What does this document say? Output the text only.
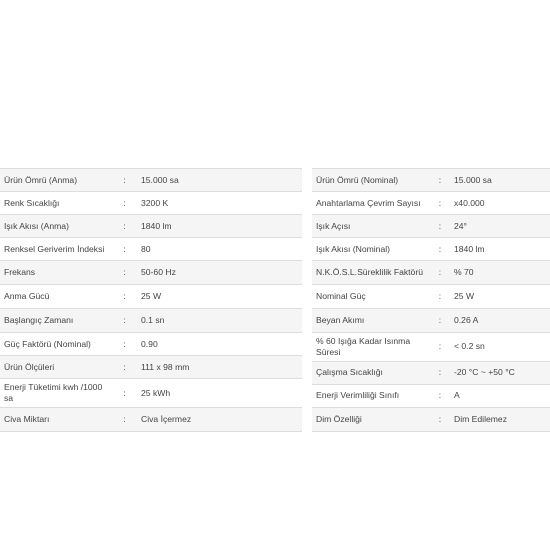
Ürün Ömrü (Anma)	:	15.000 sa
Renk Sıcaklığı	:	3200 K
Işık Akısı (Anma)	:	1840 lm
Renksel Geriverim İndeksi	:	80
Frekans	:	50-60 Hz
Anma Gücü	:	25 W
Başlangıç Zamanı	:	0.1 sn
Güç Faktörü (Nominal)	:	0.90
Ürün Ölçüleri	:	111 x 98 mm
Enerji Tüketimi kwh /1000 sa	:	25 kWh
Civa Miktarı	:	Civa İçermez
Ürün Ömrü (Nominal)	:	15.000 sa
Anahtarlama Çevrim Sayısı	:	x40.000
Işık Açısı	:	24°
Işık Akısı (Nominal)	:	1840 lm
N.K.Ö.S.L.Süreklilik Faktörü	:	% 70
Nominal Güç	:	25 W
Beyan Akımı	:	0.26 A
% 60 Işığa Kadar Isınma Süresi	:	< 0.2 sn
Çalışma Sıcaklığı	:	-20 °C ~ +50 °C
Enerji Verimliliği Sınıfı	:	A
Dim Özelliği	:	Dim Edilemez
